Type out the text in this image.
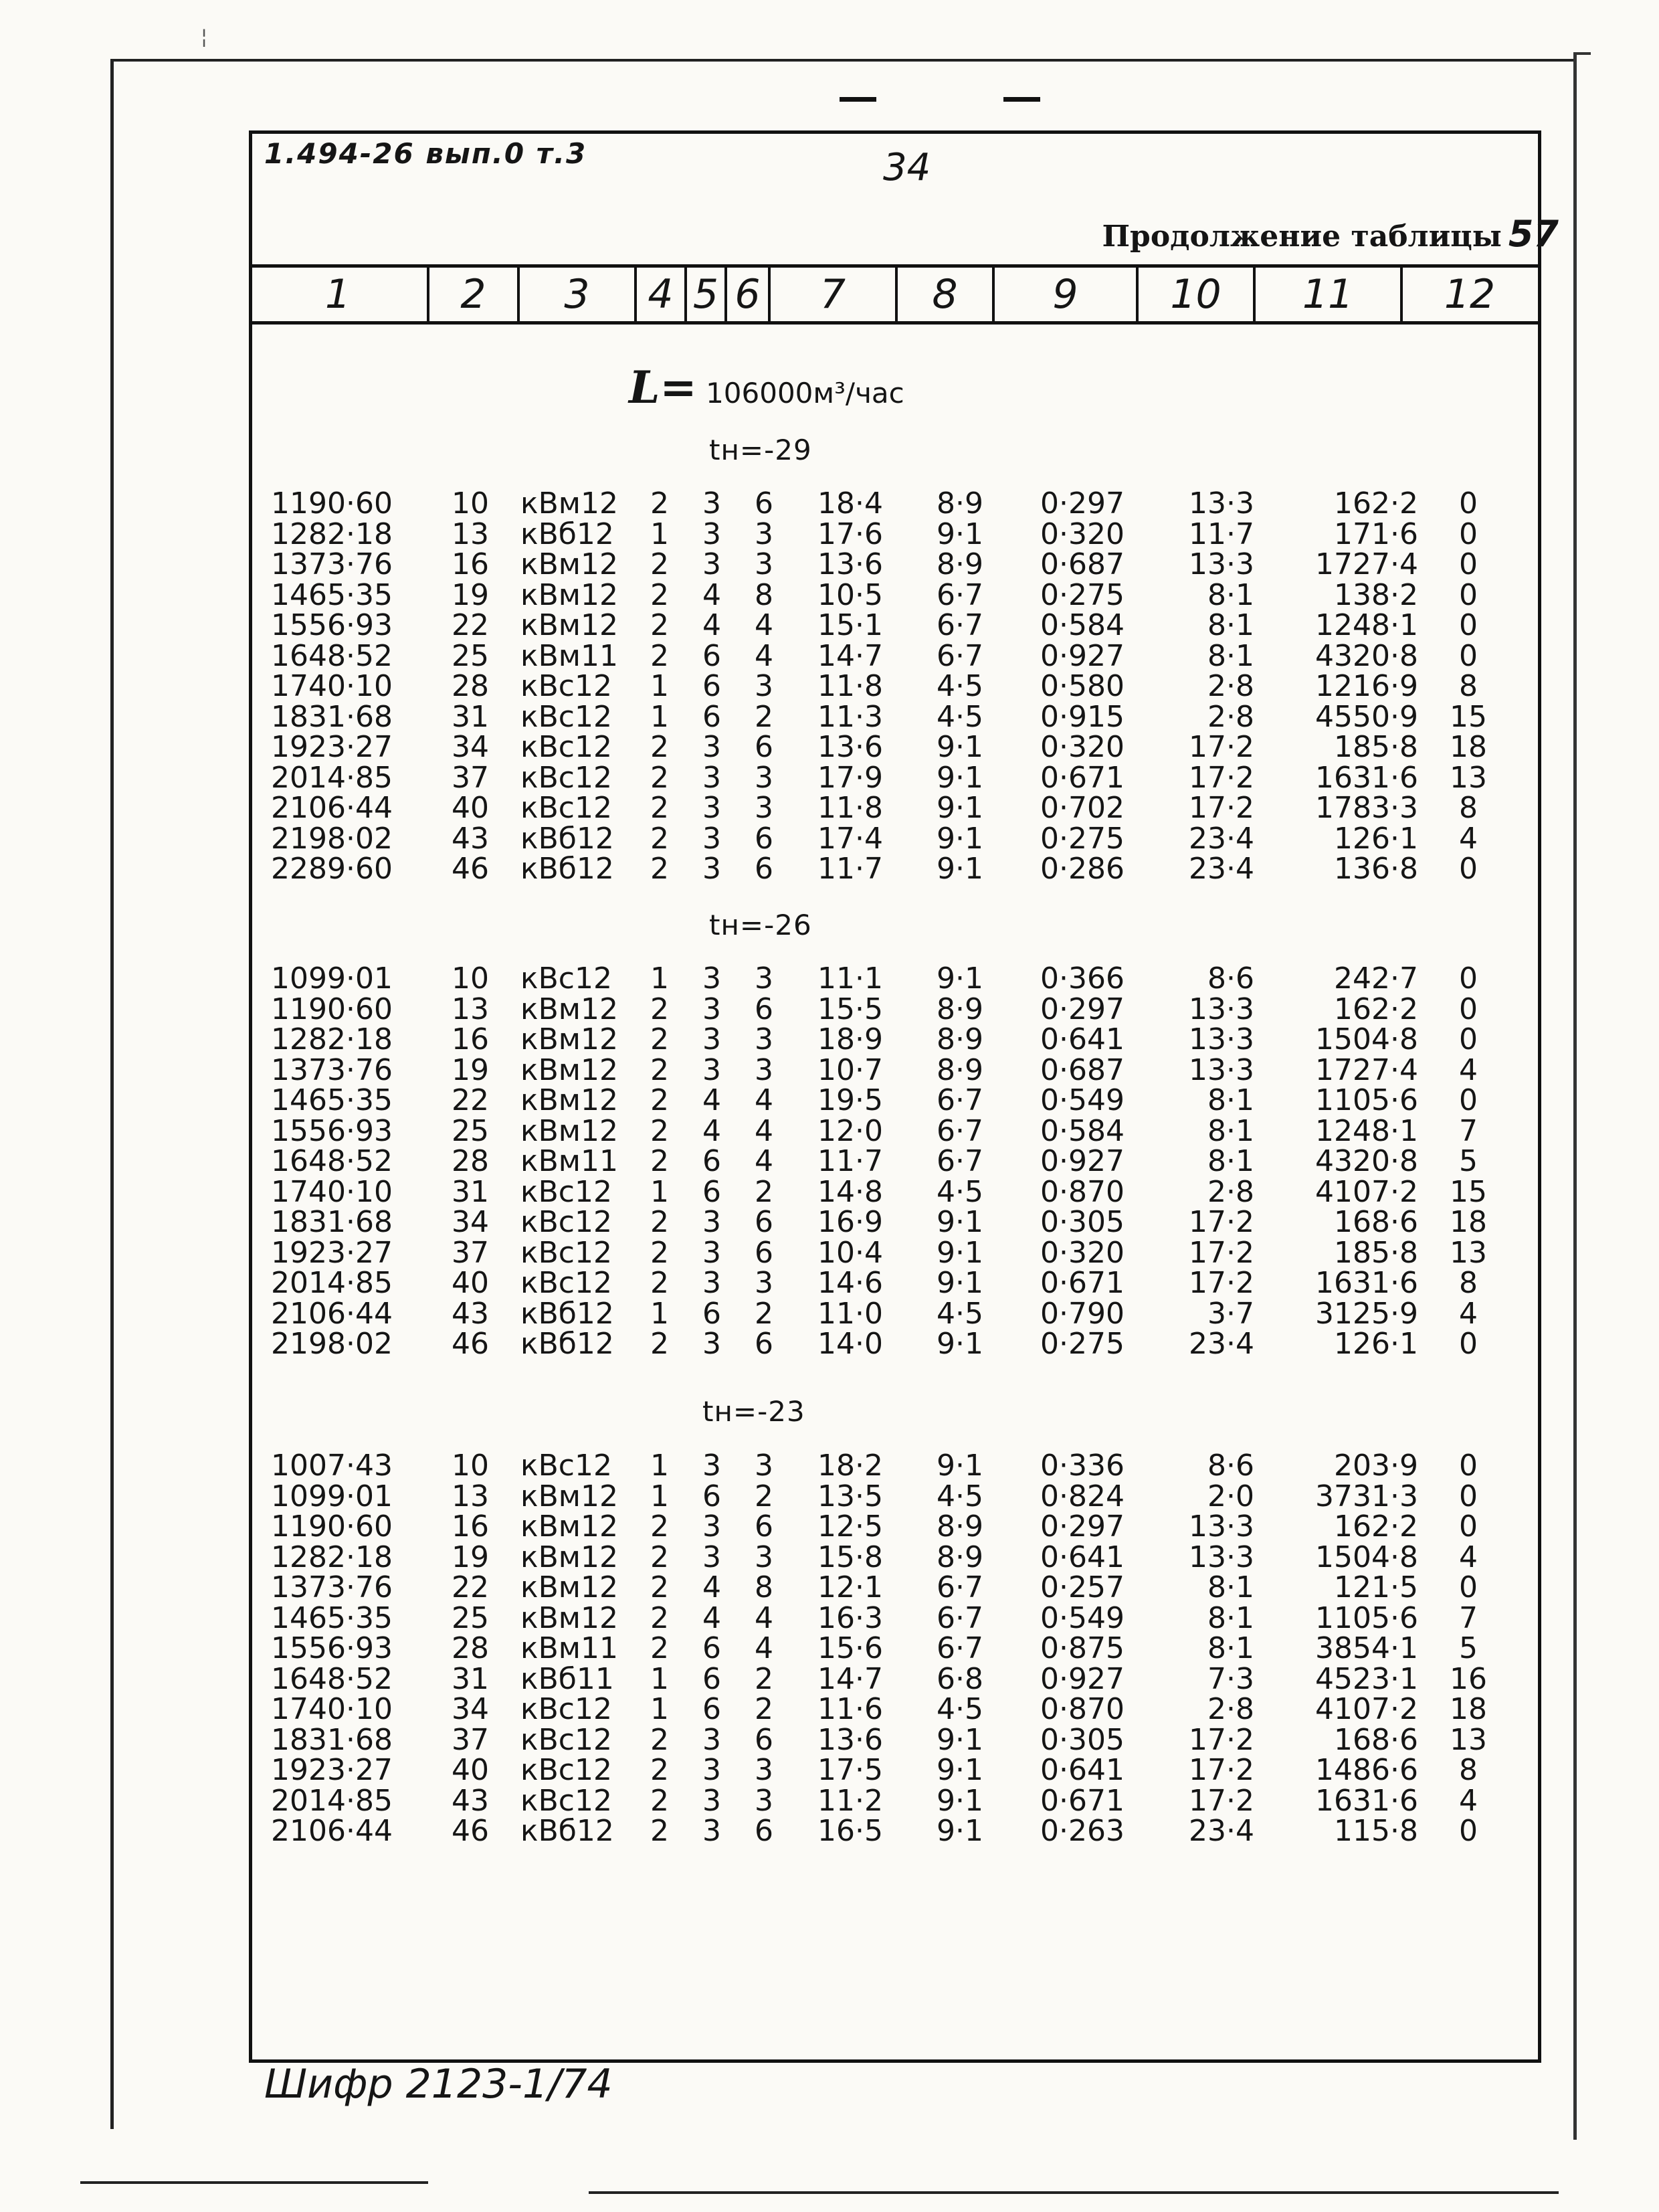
¦
1.494-26 вып.0 т.3	34
Продолжение таблицы 57
1	2	3	4 5 6	7	8	9	10	11	12
L= 106000м³/час
tн=-29
1190·60 10 кВм12 2 3 6 18·4 8·9 0·297	13·3	162·2	0
1282·18 13 кВб12 1 3 3 17·6 9·1 0·320	11·7	171·6	0
1373·76 16 кВм12 2 3 3 13·6 8·9 0·687	13·3	1727·4	0
1465·35 19 кВм12 2 4 8 10·5 6·7 0·275	8·1	138·2	0
1556·93 22 кВм12 2 4 4 15·1 6·7 0·584	8·1	1248·1	0
1648·52 25 кВм11 2 6 4 14·7 6·7 0·927	8·1	4320·8	0
1740·10 28 кВс12 1 6 3 11·8 4·5 0·580	2·8	1216·9	8
1831·68 31 кВс12 1 6 2 11·3 4·5 0·915	2·8	4550·9 15
1923·27 34 кВс12 2 3 6 13·6 9·1 0·320	17·2	185·8 18
2014·85 37 кВс12 2 3 3 17·9 9·1 0·671	17·2	1631·6 13
2106·44 40 кВс12 2 3 3 11·8 9·1 0·702	17·2	1783·3	8
2198·02 43 кВб12 2 3 6 17·4 9·1 0·275	23·4	126·1	4
2289·60 46 кВб12 2 3 6 11·7 9·1 0·286	23·4	136·8	0
tн=-26
1099·01 10 кВс12 1 3 3 11·1 9·1 0·366	8·6	242·7	0
1190·60 13 кВм12 2 3 6 15·5 8·9 0·297	13·3	162·2	0
1282·18 16 кВм12 2 3 3 18·9 8·9 0·641	13·3	1504·8	0
1373·76 19 кВм12 2 3 3 10·7 8·9 0·687	13·3	1727·4	4
1465·35 22 кВм12 2 4 4 19·5 6·7 0·549	8·1	1105·6	0
1556·93 25 кВм12 2 4 4 12·0 6·7 0·584	8·1	1248·1	7
1648·52 28 кВм11 2 6 4 11·7 6·7 0·927	8·1	4320·8	5
1740·10 31 кВс12 1 6 2 14·8 4·5 0·870	2·8	4107·2 15
1831·68 34 кВс12 2 3 6 16·9 9·1 0·305	17·2	168·6 18
1923·27 37 кВс12 2 3 6 10·4 9·1 0·320	17·2	185·8 13
2014·85 40 кВс12 2 3 3 14·6 9·1 0·671	17·2	1631·6	8
2106·44 43 кВб12 1 6 2 11·0 4·5 0·790	3·7	3125·9	4
2198·02 46 кВб12 2 3 6 14·0 9·1 0·275	23·4	126·1	0
tн=-23
1007·43 10 кВс12 1 3 3 18·2 9·1 0·336	8·6	203·9	0
1099·01 13 кВм12 1 6 2 13·5 4·5 0·824	2·0	3731·3	0
1190·60 16 кВм12 2 3 6 12·5 8·9 0·297	13·3	162·2	0
1282·18 19 кВм12 2 3 3 15·8 8·9 0·641	13·3	1504·8	4
1373·76 22 кВм12 2 4 8 12·1 6·7 0·257	8·1	121·5	0
1465·35 25 кВм12 2 4 4 16·3 6·7 0·549	8·1	1105·6	7
1556·93 28 кВм11 2 6 4 15·6 6·7 0·875	8·1	3854·1	5
1648·52 31 кВб11 1 6 2 14·7 6·8 0·927	7·3	4523·1 16
1740·10 34 кВс12 1 6 2 11·6 4·5 0·870	2·8	4107·2 18
1831·68 37 кВс12 2 3 6 13·6 9·1 0·305	17·2	168·6 13
1923·27 40 кВс12 2 3 3 17·5 9·1 0·641	17·2	1486·6	8
2014·85 43 кВс12 2 3 3 11·2 9·1 0·671	17·2	1631·6	4
2106·44 46 кВб12 2 3 6 16·5 9·1 0·263	23·4	115·8	0
Шифр 2123-1/74
